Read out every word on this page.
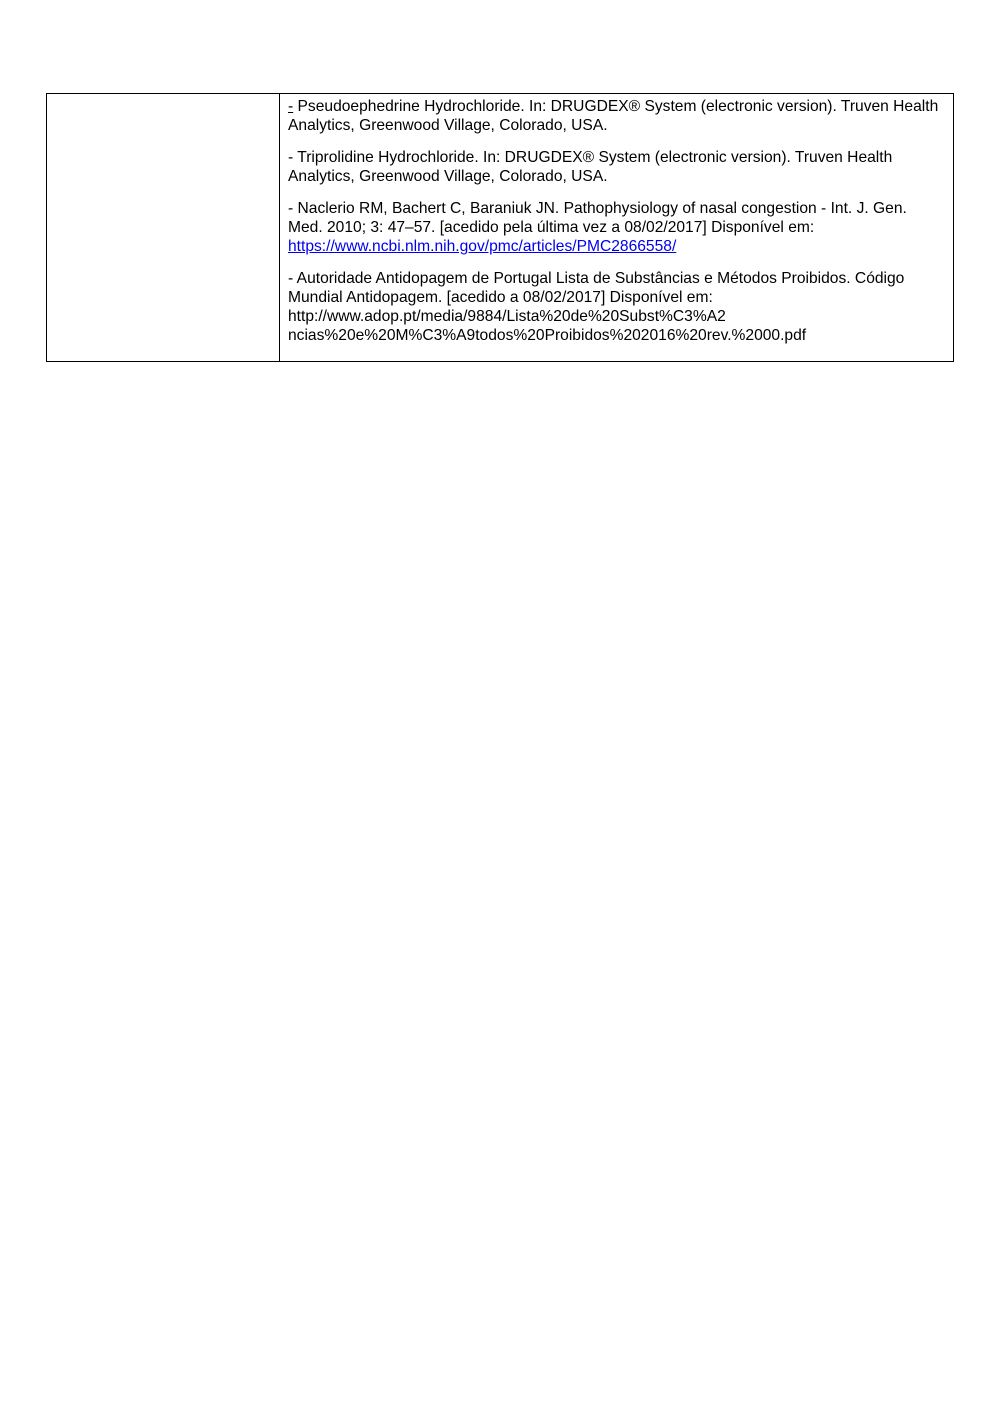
- Pseudoephedrine Hydrochloride. In: DRUGDEX® System (electronic version). Truven Health Analytics, Greenwood Village, Colorado, USA.

- Triprolidine Hydrochloride. In: DRUGDEX® System (electronic version). Truven Health Analytics, Greenwood Village, Colorado, USA.

- Naclerio RM, Bachert C, Baraniuk JN. Pathophysiology of nasal congestion - Int. J. Gen. Med. 2010; 3: 47–57. [acedido pela última vez a 08/02/2017] Disponível em:
https://www.ncbi.nlm.nih.gov/pmc/articles/PMC2866558/

- Autoridade Antidopagem de Portugal Lista de Substâncias e Métodos Proibidos. Código Mundial Antidopagem. [acedido a 08/02/2017] Disponível em:
http://www.adop.pt/media/9884/Lista%20de%20Subst%C3%A2
ncias%20e%20M%C3%A9todos%20Proibidos%202016%20rev.%2000.pdf
